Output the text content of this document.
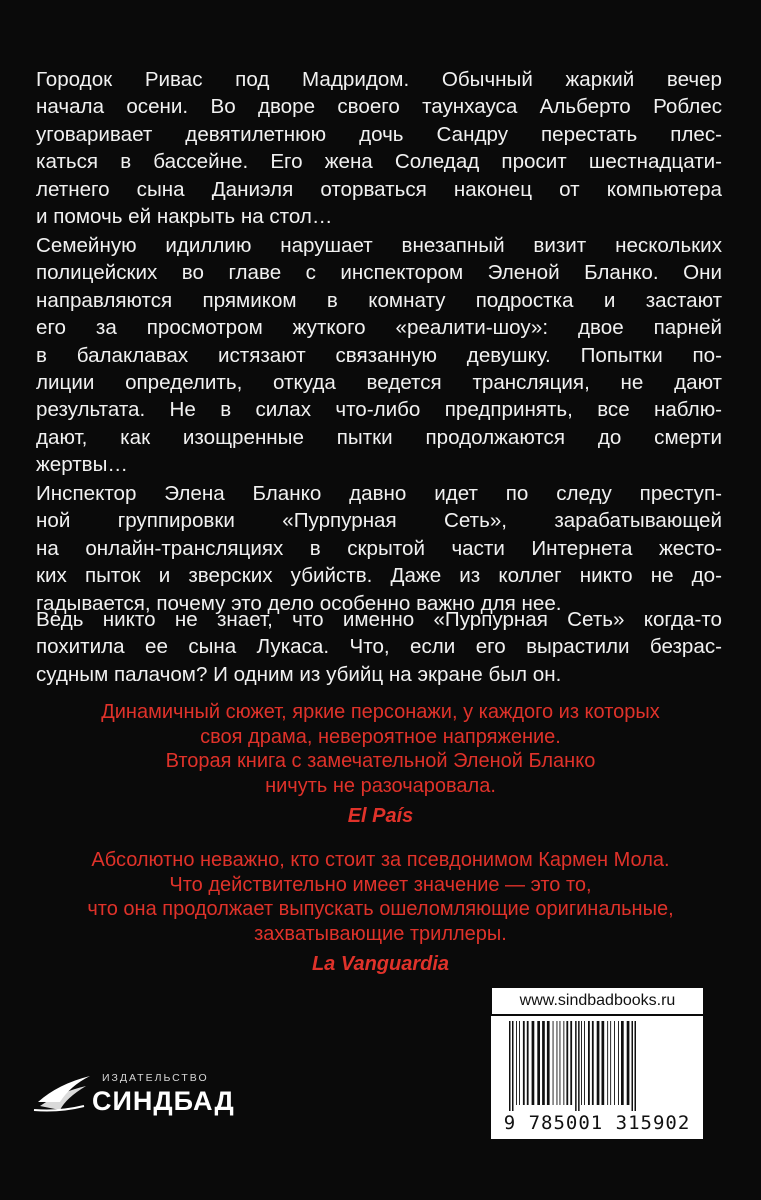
Городок Ривас под Мадридом. Обычный жаркий вечер
начала осени. Во дворе своего таунхауса Альберто Роблес
уговаривает девятилетнюю дочь Сандру перестать плес-
каться в бассейне. Его жена Соледад просит шестнадцати-
летнего сына Даниэля оторваться наконец от компьютера
и помочь ей накрыть на стол…
Семейную идиллию нарушает внезапный визит нескольких
полицейских во главе с инспектором Эленой Бланко. Они
направляются прямиком в комнату подростка и застают
его за просмотром жуткого «реалити-шоу»: двое парней
в балаклавах истязают связанную девушку. Попытки по-
лиции определить, откуда ведется трансляция, не дают
результата. Не в силах что-либо предпринять, все наблю-
дают, как изощренные пытки продолжаются до смерти
жертвы…
Инспектор Элена Бланко давно идет по следу преступ-
ной группировки «Пурпурная Сеть», зарабатывающей
на онлайн-трансляциях в скрытой части Интернета жесто-
ких пыток и зверских убийств. Даже из коллег никто не до-
гадывается, почему это дело особенно важно для нее.
Ведь никто не знает, что именно «Пурпурная Сеть» когда-то
похитила ее сына Лукаса. Что, если его вырастили безрас-
судным палачом? И одним из убийц на экране был он.
Динамичный сюжет, яркие персонажи, у каждого из которых
своя драма, невероятное напряжение.
Вторая книга с замечательной Эленой Бланко
ничуть не разочаровала.
El País
Абсолютно неважно, кто стоит за псевдонимом Кармен Мола.
Что действительно имеет значение — это то,
что она продолжает выпускать ошеломляющие оригинальные,
захватывающие триллеры.
La Vanguardia
ИЗДАТЕЛЬСТВО
СИНДБАД
www.sindbadbooks.ru
9 785001 315902
